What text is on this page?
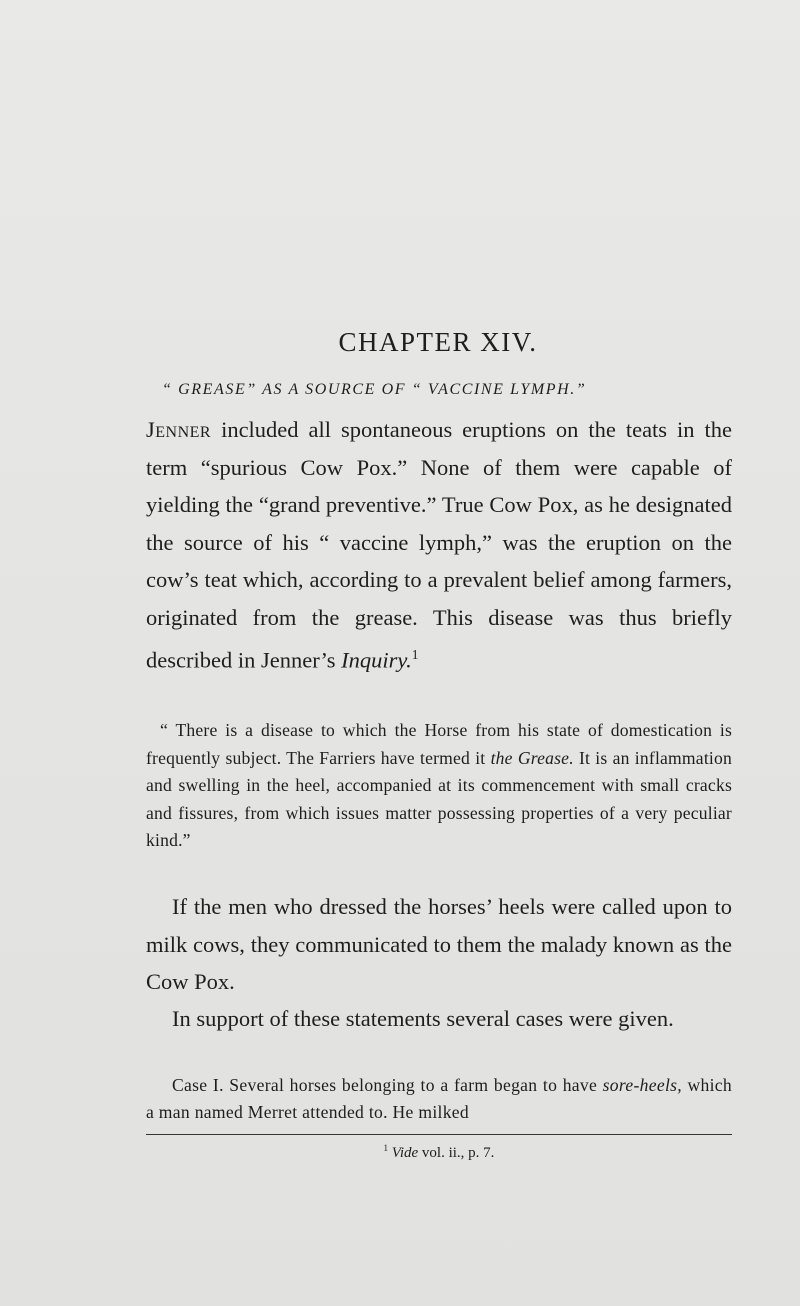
CHAPTER XIV.

“ GREASE” AS A SOURCE OF “ VACCINE LYMPH.”

Jenner included all spontaneous eruptions on the teats in the term “spurious Cow Pox.” None of them were capable of yielding the “grand preventive.” True Cow Pox, as he designated the source of his “ vaccine lymph,” was the eruption on the cow’s teat which, according to a prevalent belief among farmers, originated from the grease. This disease was thus briefly described in Jenner’s Inquiry.$^1$

“ There is a disease to which the Horse from his state of domestication is frequently subject. The Farriers have termed it the Grease. It is an inflammation and swelling in the heel, accompanied at its commencement with small cracks and fissures, from which issues matter possessing properties of a very peculiar kind.”

If the men who dressed the horses’ heels were called upon to milk cows, they communicated to them the malady known as the Cow Pox.

In support of these statements several cases were given.

Case I. Several horses belonging to a farm began to have sore-heels, which a man named Merret attended to. He milked

$^1$ Vide vol. ii., p. 7.
